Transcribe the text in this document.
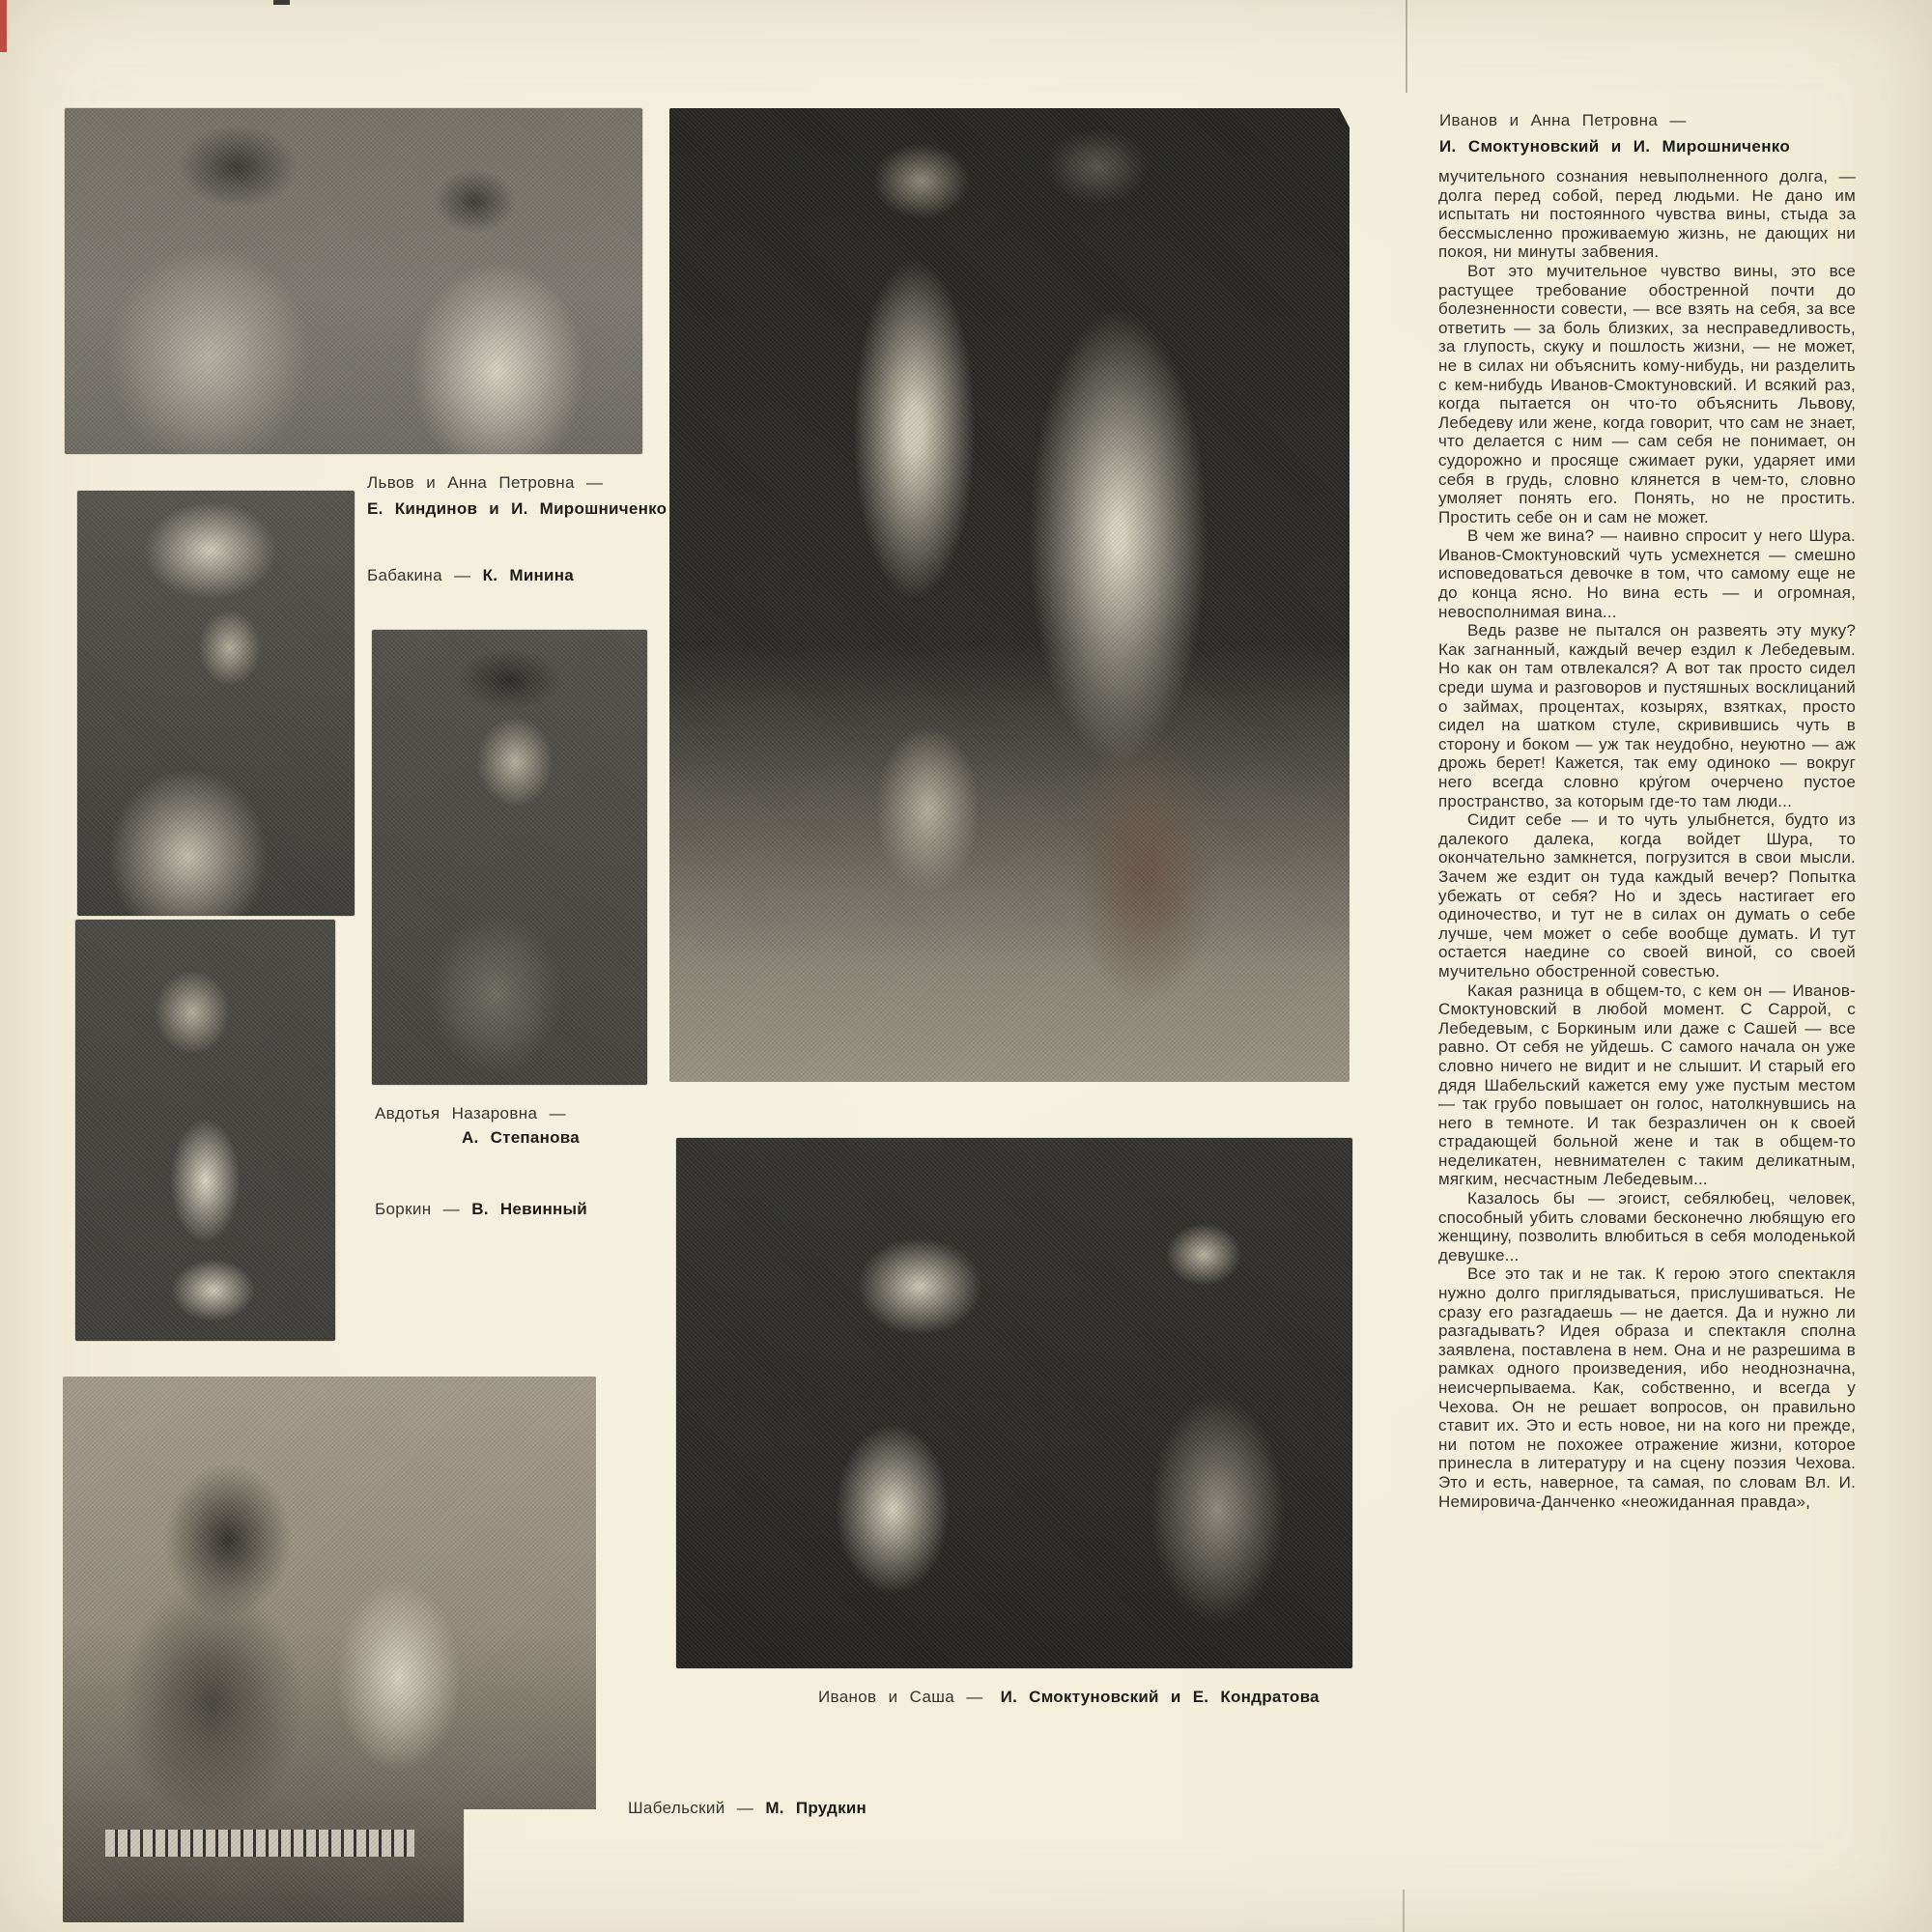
Львов и Анна Петровна —
Е. Киндинов и И. Мирошниченко
Бабакина — К. Минина
Авдотья Назаровна —
А. Степанова
Боркин — В. Невинный
Шабельский — М. Прудкин
Иванов и Саша — И. Смоктуновский и Е. Кондратова
Иванов и Анна Петровна —
И. Смоктуновский и И. Мирошниченко

мучительного сознания невыполненного долга, — долга перед собой, перед людьми. Не дано им испытать ни постоянного чувства вины, стыда за бессмысленно проживаемую жизнь, не дающих ни покоя, ни минуты забвения.

Вот это мучительное чувство вины, это все растущее требование обостренной почти до болезненности совести, — все взять на себя, за все ответить — за боль близких, за несправедливость, за глупость, скуку и пошлость жизни, — не может, не в силах ни объяснить кому-нибудь, ни разделить с кем-нибудь Иванов-Смоктуновский. И всякий раз, когда пытается он что-то объяснить Львову, Лебедеву или жене, когда говорит, что сам не знает, что делается с ним — сам себя не понимает, он судорожно и просяще сжимает руки, ударяет ими себя в грудь, словно клянется в чем-то, словно умоляет понять его. Понять, но не простить. Простить себе он и сам не может.

В чем же вина? — наивно спросит у него Шура. Иванов-Смоктуновский чуть усмехнется — смешно исповедоваться девочке в том, что самому еще не до конца ясно. Но вина есть — и огромная, невосполнимая вина...

Ведь разве не пытался он развеять эту муку? Как загнанный, каждый вечер ездил к Лебедевым. Но как он там отвлекался? А вот так просто сидел среди шума и разговоров и пустяшных восклицаний о займах, процентах, козырях, взятках, просто сидел на шатком стуле, скривившись чуть в сторону и боком — уж так неудобно, неуютно — аж дрожь берет! Кажется, так ему одиноко — вокруг него всегда словно кру́гом очерчено пустое пространство, за которым где-то там люди...

Сидит себе — и то чуть улыбнется, будто из далекого далека, когда войдет Шура, то окончательно замкнется, погрузится в свои мысли. Зачем же ездит он туда каждый вечер? Попытка убежать от себя? Но и здесь настигает его одиночество, и тут не в силах он думать о себе лучше, чем может о себе вообще думать. И тут остается наедине со своей виной, со своей мучительно обостренной совестью.

Какая разница в общем-то, с кем он — Иванов-Смоктуновский в любой момент. С Саррой, с Лебедевым, с Боркиным или даже с Сашей — все равно. От себя не уйдешь. С самого начала он уже словно ничего не видит и не слышит. И старый его дядя Шабельский кажется ему уже пустым местом — так грубо повышает он голос, натолкнувшись на него в темноте. И так безразличен он к своей страдающей больной жене и так в общем-то неделикатен, невнимателен с таким деликатным, мягким, несчастным Лебедевым...

Казалось бы — эгоист, себялюбец, человек, способный убить словами бесконечно любящую его женщину, позволить влюбиться в себя молоденькой девушке...

Все это так и не так. К герою этого спектакля нужно долго приглядываться, прислушиваться. Не сразу его разгадаешь — не дается. Да и нужно ли разгадывать? Идея образа и спектакля сполна заявлена, поставлена в нем. Она и не разрешима в рамках одного произведения, ибо неоднозначна, неисчерпываема. Как, собственно, и всегда у Чехова. Он не решает вопросов, он правильно ставит их. Это и есть новое, ни на кого ни прежде, ни потом не похожее отражение жизни, которое принесла в литературу и на сцену поэзия Чехова. Это и есть, наверное, та самая, по словам Вл. И. Немировича-Данченко «неожиданная правда»,
